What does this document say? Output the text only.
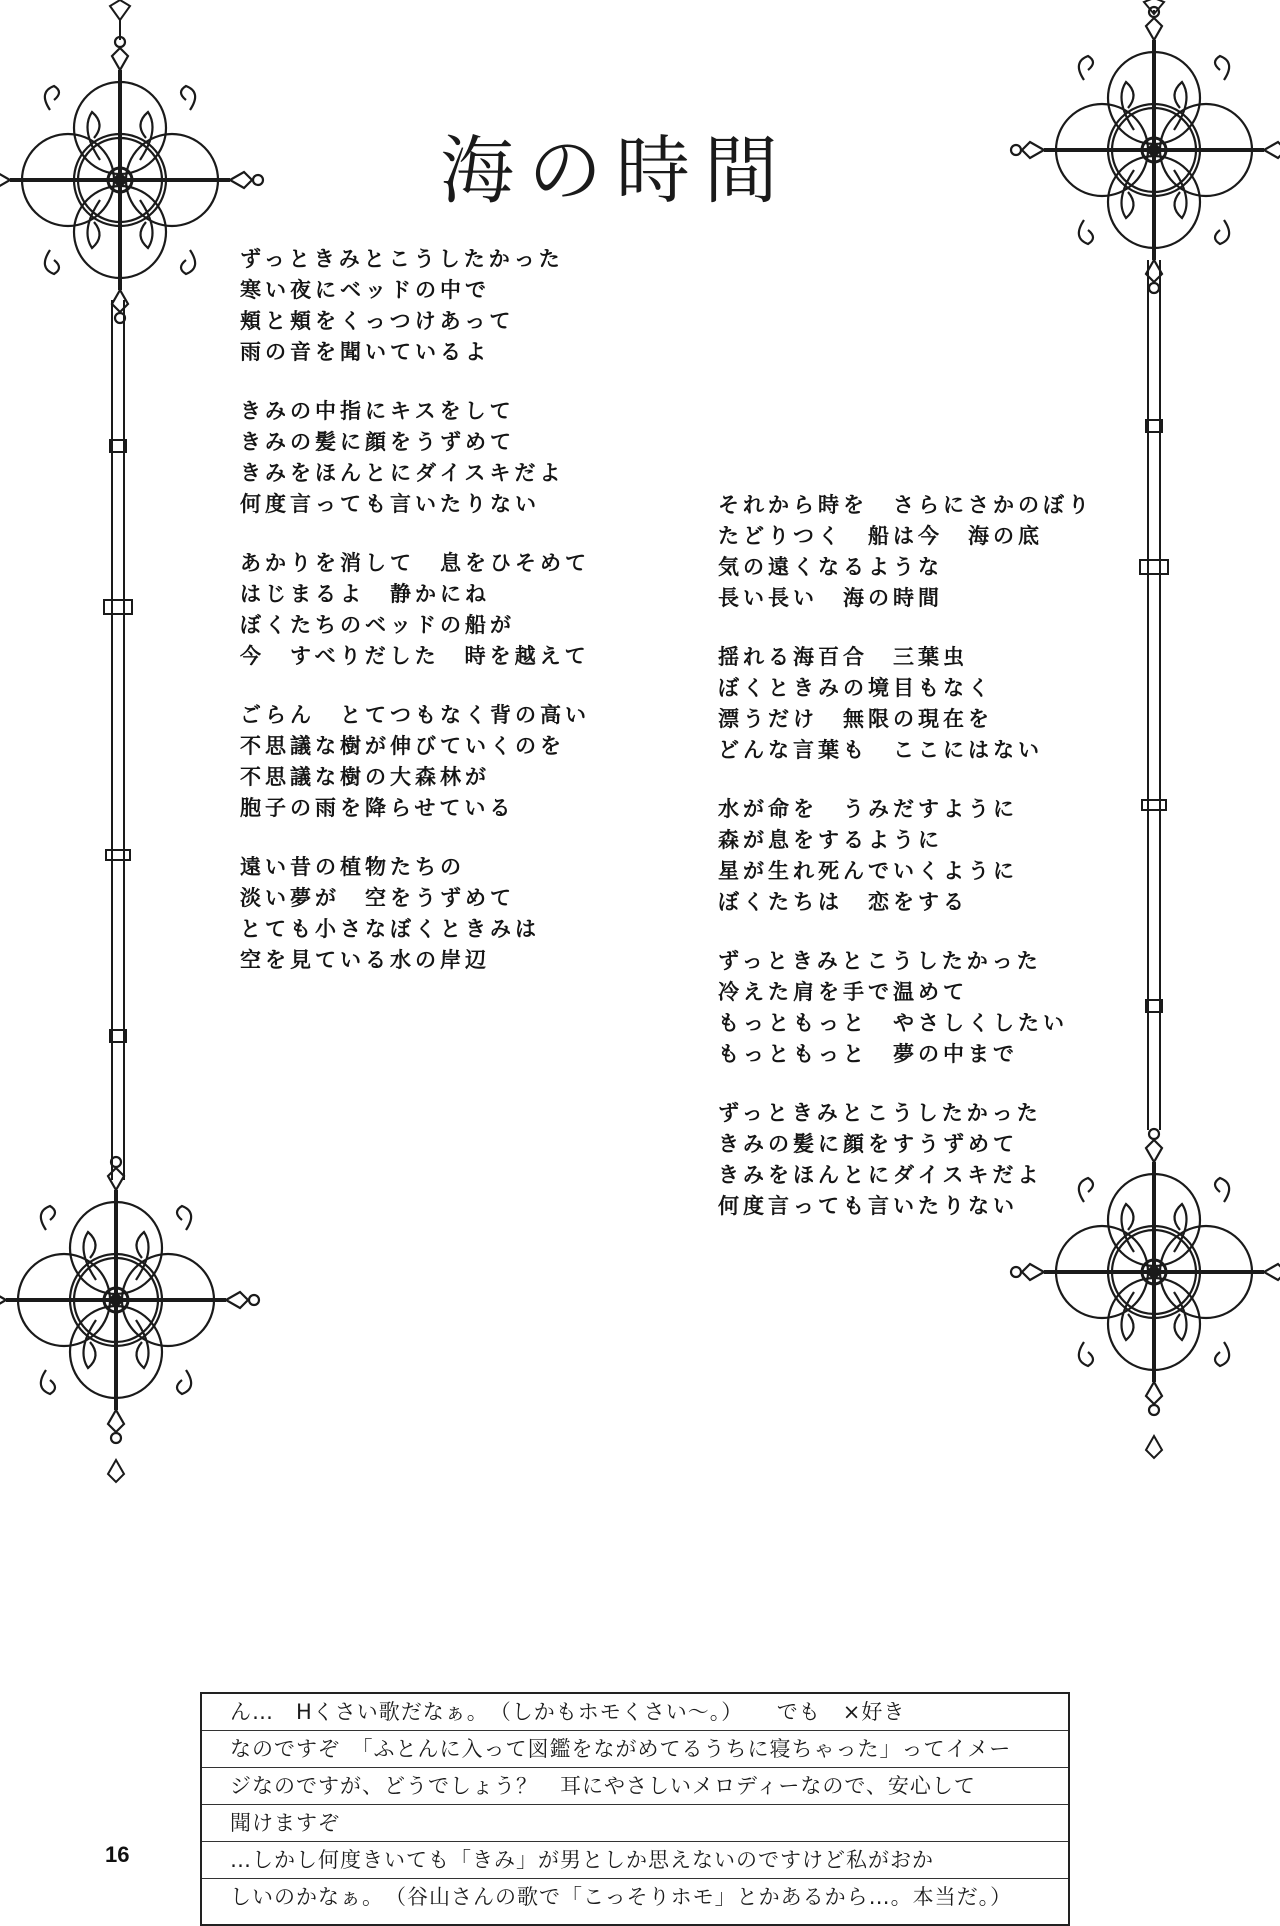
海の時間
ずっときみとこうしたかった
寒い夜にベッドの中で
頬と頬をくっつけあって
雨の音を聞いているよ
きみの中指にキスをして
きみの髪に顔をうずめて
きみをほんとにダイスキだよ
何度言っても言いたりない
あかりを消して　息をひそめて
はじまるよ　静かにね
ぼくたちのベッドの船が
今　すべりだした　時を越えて
ごらん　とてつもなく背の高い
不思議な樹が伸びていくのを
不思議な樹の大森林が
胞子の雨を降らせている
遠い昔の植物たちの
淡い夢が　空をうずめて
とても小さなぼくときみは
空を見ている水の岸辺
それから時を　さらにさかのぼり
たどりつく　船は今　海の底
気の遠くなるような
長い長い　海の時間
揺れる海百合　三葉虫
ぼくときみの境目もなく
漂うだけ　無限の現在を
どんな言葉も　ここにはない
水が命を　うみだすように
森が息をするように
星が生れ死んでいくように
ぼくたちは　恋をする
ずっときみとこうしたかった
冷えた肩を手で温めて
もっともっと　やさしくしたい
もっともっと　夢の中まで
ずっときみとこうしたかった
きみの髪に顔をすうずめて
きみをほんとにダイスキだよ
何度言っても言いたりない
ん…　Hくさい歌だなぁ。　（しかもホモくさい〜。）　　でも　×好き
なのですぞ　「ふとんに入って図鑑をながめてるうちに寝ちゃった」ってイメー
ジなのですが、どうでしょう？　耳にやさしいメロディーなので、安心して
聞けますぞ
…しかし何度きいても「きみ」が男としか思えないのですけど私がおか
しいのかなぁ。　（谷山さんの歌で「こっそりホモ」とかあるから…。本当だ。）
16
